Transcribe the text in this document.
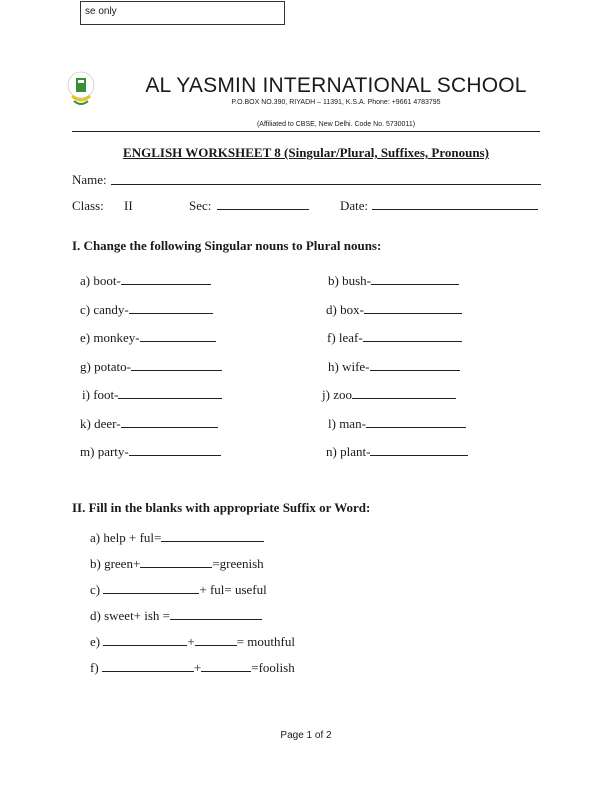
se only
AL YASMIN INTERNATIONAL SCHOOL
P.O.BOX NO.390, RIYADH – 11391, K.S.A. Phone: +9661 4783795
(Affiliated to CBSE, New Delhi. Code No. 5730011)
ENGLISH WORKSHEET 8 (Singular/Plural, Suffixes, Pronouns)
Name:
Class: II	Sec:	Date:
I. Change the following Singular nouns to Plural nouns:
a) boot-	b) bush-
c) candy-	d) box-
e) monkey-	f) leaf-
g) potato-	h) wife-
i) foot-	j) zoo
k) deer-	l) man-
m) party-	n) plant-
II. Fill in the blanks with appropriate Suffix or Word:
a) help + ful=
b) green+	=greenish
c)	+ ful= useful
d) sweet+ ish =
e)	+	= mouthful
f)	+	=foolish
Page 1 of 2
